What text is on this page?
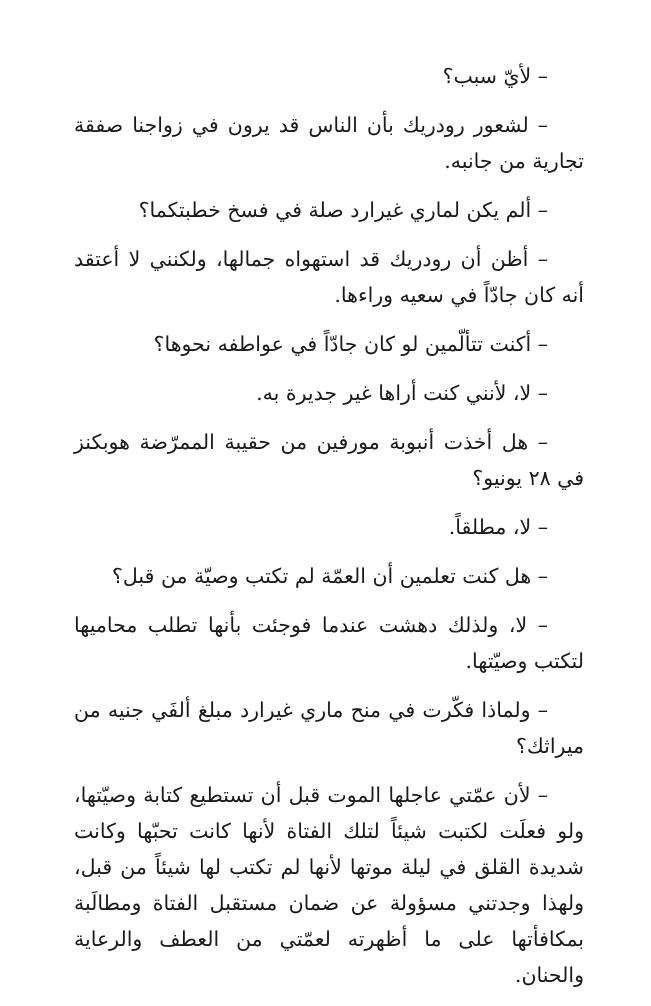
– لأيّ سبب؟

– لشعور رودريك بأن الناس قد يرون في زواجنا صفقة تجارية من جانبه.

– ألم يكن لماري غيرارد صلة في فسخ خطبتكما؟

– أظن أن رودريك قد استهواه جمالها، ولكنني لا أعتقد أنه كان جادّاً في سعيه وراءها.

– أكنت تتألّمين لو كان جادّاً في عواطفه نحوها؟

– لا، لأنني كنت أراها غير جديرة به.

– هل أخذت أنبوبة مورفين من حقيبة الممرّضة هوبكنز في ٢٨ يونيو؟

– لا، مطلقاً.

– هل كنت تعلمين أن العمّة لم تكتب وصيّة من قبل؟

– لا، ولذلك دهشت عندما فوجئت بأنها تطلب محاميها لتكتب وصيّتها.

– ولماذا فكّرت في منح ماري غيرارد مبلغ ألفَي جنيه من ميراثك؟

– لأن عمّتي عاجلها الموت قبل أن تستطيع كتابة وصيّتها، ولو فعلَت لكتبت شيئاً لتلك الفتاة لأنها كانت تحبّها وكانت شديدة القلق في ليلة موتها لأنها لم تكتب لها شيئاً من قبل، ولهذا وجدتني مسؤولة عن ضمان مستقبل الفتاة ومطالَبة بمكافأتها على ما أظهرته لعمّتي من العطف والرعاية والحنان.
